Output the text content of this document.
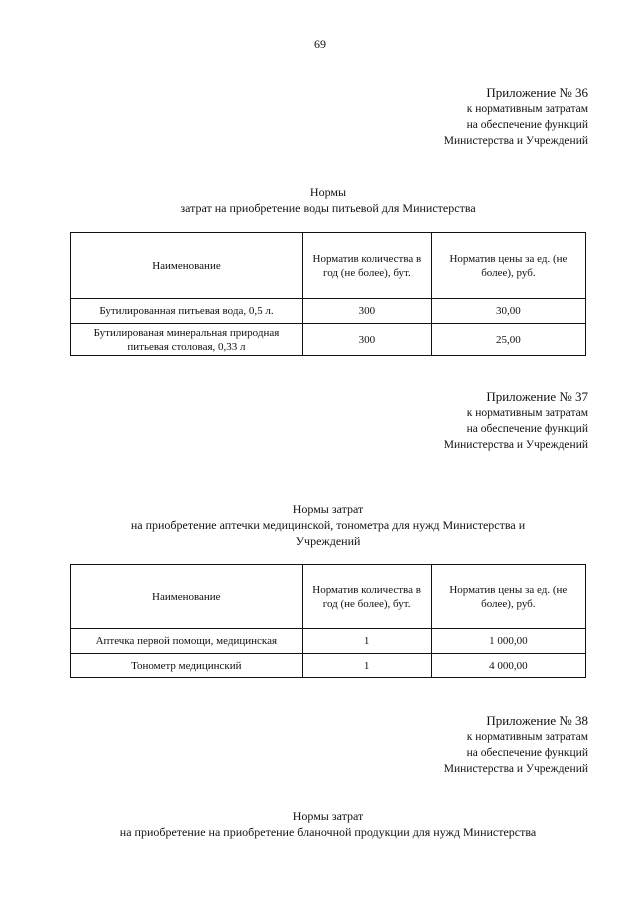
69
Приложение № 36
к нормативным затратам
на обеспечение функций
Министерства и Учреждений
Нормы
затрат на приобретение воды питьевой для Министерства
Наименование	Норматив количества в год (не более), бут.	Норматив цены за ед. (не более), руб.
Бутилированная питьевая вода, 0,5 л.	300	30,00
Бутилированая минеральная природная питьевая столовая, 0,33 л	300	25,00
Приложение № 37
к нормативным затратам
на обеспечение функций
Министерства и Учреждений
Нормы затрат
на приобретение аптечки медицинской, тонометра для нужд Министерства и
Учреждений
Наименование	Норматив количества в год (не более), бут.	Норматив цены за ед. (не более), руб.
Аптечка первой помощи, медицинская	1	1 000,00
Тонометр медицинский	1	4 000,00
Приложение № 38
к нормативным затратам
на обеспечение функций
Министерства и Учреждений
Нормы затрат
на приобретение на приобретение бланочной продукции для нужд Министерства
